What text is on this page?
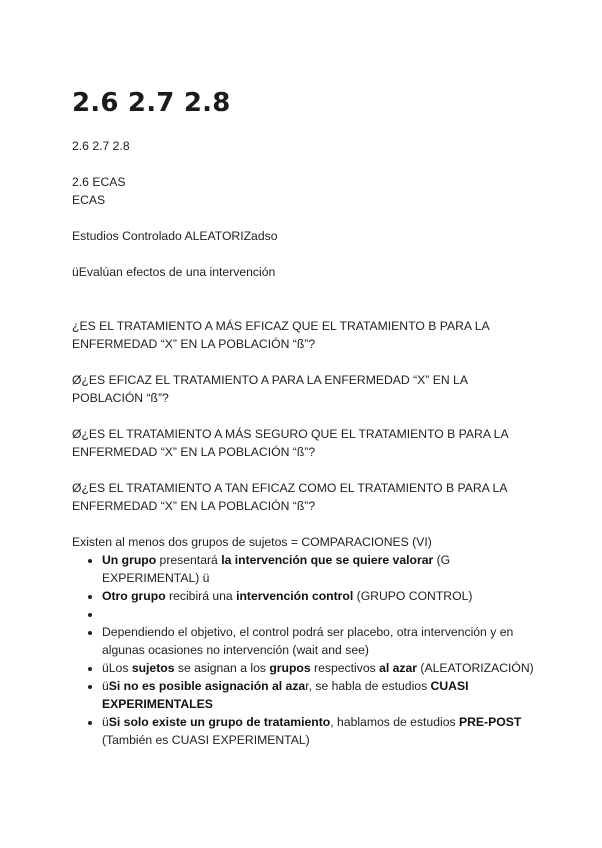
2.6 2.7 2.8

2.6 2.7 2.8

2.6 ECAS

ECAS

Estudios Controlado ALEATORIZadso

üEvalúan efectos de una intervención

¿ES EL TRATAMIENTO A MÁS EFICAZ QUE EL TRATAMIENTO B PARA LA ENFERMEDAD “X” EN LA POBLACIÓN “ß”?

Ø¿ES EFICAZ EL TRATAMIENTO A PARA LA ENFERMEDAD “X” EN LA POBLACIÓN “ß”?

Ø¿ES EL TRATAMIENTO A MÁS SEGURO QUE EL TRATAMIENTO B PARA LA ENFERMEDAD “X” EN LA POBLACIÓN “ß”?

Ø¿ES EL TRATAMIENTO A TAN EFICAZ COMO EL TRATAMIENTO B PARA LA ENFERMEDAD “X” EN LA POBLACIÓN “ß”?

Existen al menos dos grupos de sujetos = COMPARACIONES (VI)

• Un grupo presentará la intervención que se quiere valorar (G EXPERIMENTAL) ü
• Otro grupo recibirá una intervención control (GRUPO CONTROL)
•
• Dependiendo el objetivo, el control podrá ser placebo, otra intervención y en algunas ocasiones no intervención (wait and see)
• üLos sujetos se asignan a los grupos respectivos al azar (ALEATORIZACIÓN)
• üSi no es posible asignación al azar, se habla de estudios CUASI EXPERIMENTALES
• üSi solo existe un grupo de tratamiento, hablamos de estudios PRE-POST (También es CUASI EXPERIMENTAL)
